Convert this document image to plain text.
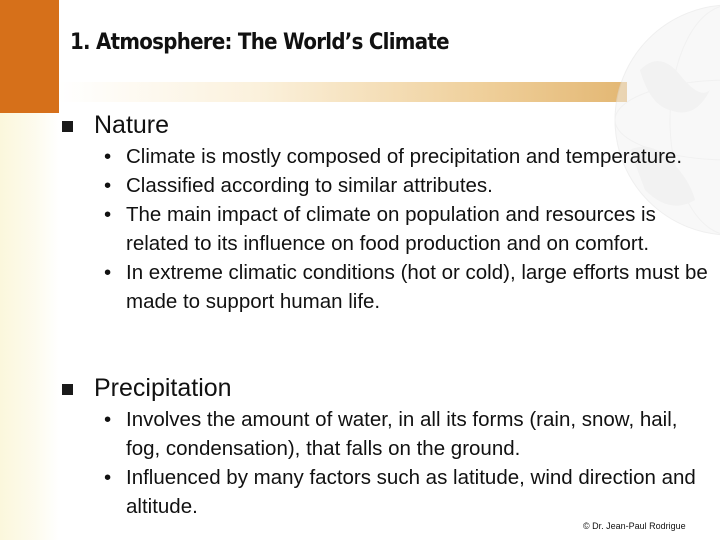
1. Atmosphere: The World’s Climate
Nature
• Climate is mostly composed of precipitation and temperature.
• Classified according to similar attributes.
• The main impact of climate on population and resources is related to its influence on food production and on comfort.
• In extreme climatic conditions (hot or cold), large efforts must be made to support human life.
Precipitation
• Involves the amount of water, in all its forms (rain, snow, hail, fog, condensation), that falls on the ground.
• Influenced by many factors such as latitude, wind direction and altitude.
© Dr. Jean-Paul Rodrigue
